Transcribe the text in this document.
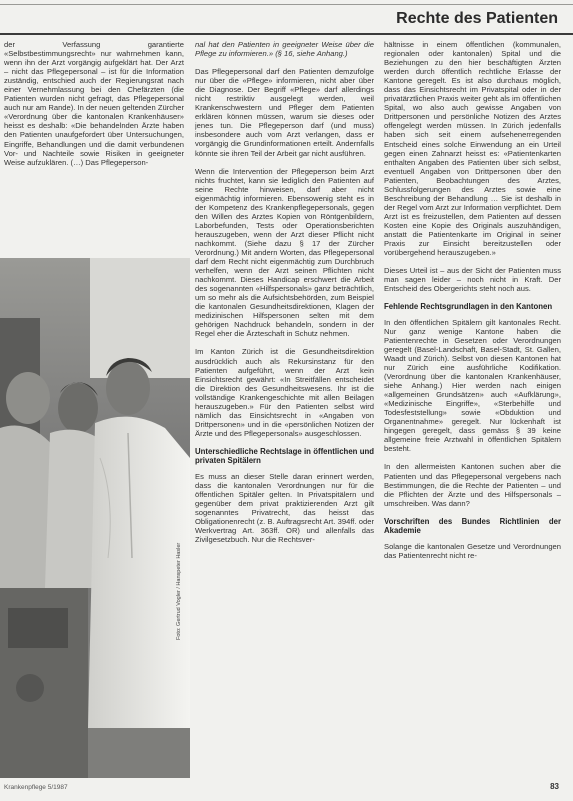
Rechte des Patienten

der Verfassung garantierte «Selbstbestimmungsrecht» nur wahrnehmen kann, wenn ihn der Arzt vorgängig aufgeklärt hat. Der Arzt – nicht das Pflegepersonal – ist für die Information zuständig, entschied auch der Regierungsrat nach einer Vernehmlassung bei den Chefärzten (die Patienten wurden nicht gefragt, das Pflegepersonal auch nur am Rande). In der neuen geltenden Zürcher «Verordnung über die kantonalen Krankenhäuser» heisst es deshalb: «Die behandelnden Ärzte haben den Patienten unaufgefordert über Untersuchungen, Eingriffe, Behandlungen und die damit verbundenen Vor- und Nachteile sowie Risiken in geeigneter Weise aufzuklären. (…) Das Pflegeperson-

Foto: Gertrud Vogler / Hanspeter Hasler

nal hat den Patienten in geeigneter Weise über die Pflege zu informieren.» (§ 16, siehe Anhang.)

Das Pflegepersonal darf den Patienten demzufolge nur über die «Pflege» informieren, nicht aber über die Diagnose. Der Begriff «Pflege» darf allerdings nicht restriktiv ausgelegt werden, weil Krankenschwestern und Pfleger dem Patienten erklären können müssen, warum sie dieses oder jenes tun. Die Pflegeperson darf (und muss) insbesondere auch vom Arzt verlangen, dass er vorgängig die Grundinformationen erteilt. Andernfalls könnte sie ihren Teil der Arbeit gar nicht ausführen.

Wenn die Intervention der Pflegeperson beim Arzt nichts fruchtet, kann sie lediglich den Patienten auf seine Rechte hinweisen, darf aber nicht eigenmächtig informieren. Ebensowenig steht es in der Kompetenz des Krankenpflegepersonals, gegen den Willen des Arztes Kopien von Röntgenbildern, Laborbefunden, Tests oder Operationsberichten herauszugeben, wenn der Arzt dieser Pflicht nicht nachkommt. (Siehe dazu § 17 der Zürcher Verordnung.) Mit andern Worten, das Pflegepersonal darf dem Recht nicht eigenmächtig zum Durchbruch verhelfen, wenn der Arzt seinen Pflichten nicht nachkommt. Dieses Handicap erschwert die Arbeit des sogenannten «Hilfspersonals» ganz beträchtlich, um so mehr als die Aufsichtsbehörden, zum Beispiel die kantonalen Gesundheitsdirektionen, Klagen der medizinischen Hilfspersonen selten mit dem gehörigen Nachdruck behandeln, sondern in der Regel eher die Ärzteschaft in Schutz nehmen.

Im Kanton Zürich ist die Gesundheitsdirektion ausdrücklich auch als Rekursinstanz für den Patienten aufgeführt, wenn der Arzt kein Einsichtsrecht gewährt: «In Streitfällen entscheidet die Direktion des Gesundheitswesens. Ihr ist die vollständige Krankengeschichte mit allen Beilagen herauszugeben.» Für den Patienten selbst wird nämlich das Einsichtsrecht in «Angaben von Drittpersonen» und in die «persönlichen Notizen der Ärzte und des Pflegepersonals» ausgeschlossen.

Unterschiedliche Rechtslage in öffentlichen und privaten Spitälern

Es muss an dieser Stelle daran erinnert werden, dass die kantonalen Verordnungen nur für die öffentlichen Spitäler gelten. In Privatspitälern und gegenüber dem privat praktizierenden Arzt gilt sogenanntes Privatrecht, das heisst das Obligationenrecht (z. B. Auftragsrecht Art. 394ff. oder Werkvertrag Art. 363ff. OR) und allenfalls das Zivilgesetzbuch. Nur die Rechtsver-

hältnisse in einem öffentlichen (kommunalen, regionalen oder kantonalen) Spital und die Beziehungen zu den hier beschäftigten Ärzten werden durch öffentlich rechtliche Erlasse der Kantone geregelt. Es ist also durchaus möglich, dass das Einsichtsrecht im Privatspital oder in der privatärztlichen Praxis weiter geht als im öffentlichen Spital, wo also auch gewisse Angaben von Drittpersonen und persönliche Notizen des Arztes offengelegt werden müssen. In Zürich jedenfalls haben sich seit einem aufsehenerregenden Entscheid eines solche Einwendung an ein Urteil gegen einen Zahnarzt heisst es: «Patientenkarten enthalten Angaben des Patienten über sich selbst, eventuell Angaben von Drittpersonen über den Patienten, Beobachtungen des Arztes, Schlussfolgerungen des Arztes sowie eine Beschreibung der Behandlung … Sie ist deshalb in der Regel vom Arzt zur Information verpflichtet. Dem Arzt ist es freizustellen, dem Patienten auf dessen Kosten eine Kopie des Originals auszuhändigen, anstatt die Patientenkarte im Original in seiner Praxis zur Einsicht bereitzustellen oder vorübergehend herauszugeben.»

Dieses Urteil ist – aus der Sicht der Patienten muss man sagen leider – noch nicht in Kraft. Der Entscheid des Obergerichts steht noch aus.

Fehlende Rechtsgrundlagen in den Kantonen

In den öffentlichen Spitälern gilt kantonales Recht. Nur ganz wenige Kantone haben die Patientenrechte in Gesetzen oder Verordnungen geregelt (Basel-Landschaft, Basel-Stadt, St. Gallen, Waadt und Zürich). Selbst von diesen Kantonen hat nur Zürich eine ausführliche Kodifikation. (Verordnung über die kantonalen Krankenhäuser, siehe Anhang.) Hier werden nach einigen «allgemeinen Grundsätzen» auch «Aufklärung», «Medizinische Eingriffe», «Sterbehilfe und Todesfeststellung» sowie «Obduktion und Organentnahme» geregelt. Nur lückenhaft ist hingegen geregelt, dass gemäss § 39 keine allgemeine freie Arztwahl in öffentlichen Spitälern besteht.

In den allermeisten Kantonen suchen aber die Patienten und das Pflegepersonal vergebens nach Bestimmungen, die die Rechte der Patienten – und die Pflichten der Ärzte und des Hilfspersonals – umschreiben. Was dann?

Vorschriften des Bundes Richtlinien der Akademie

Solange die kantonalen Gesetze und Verordnungen das Patientenrecht nicht re-

Krankenpflege 5/1987	83
